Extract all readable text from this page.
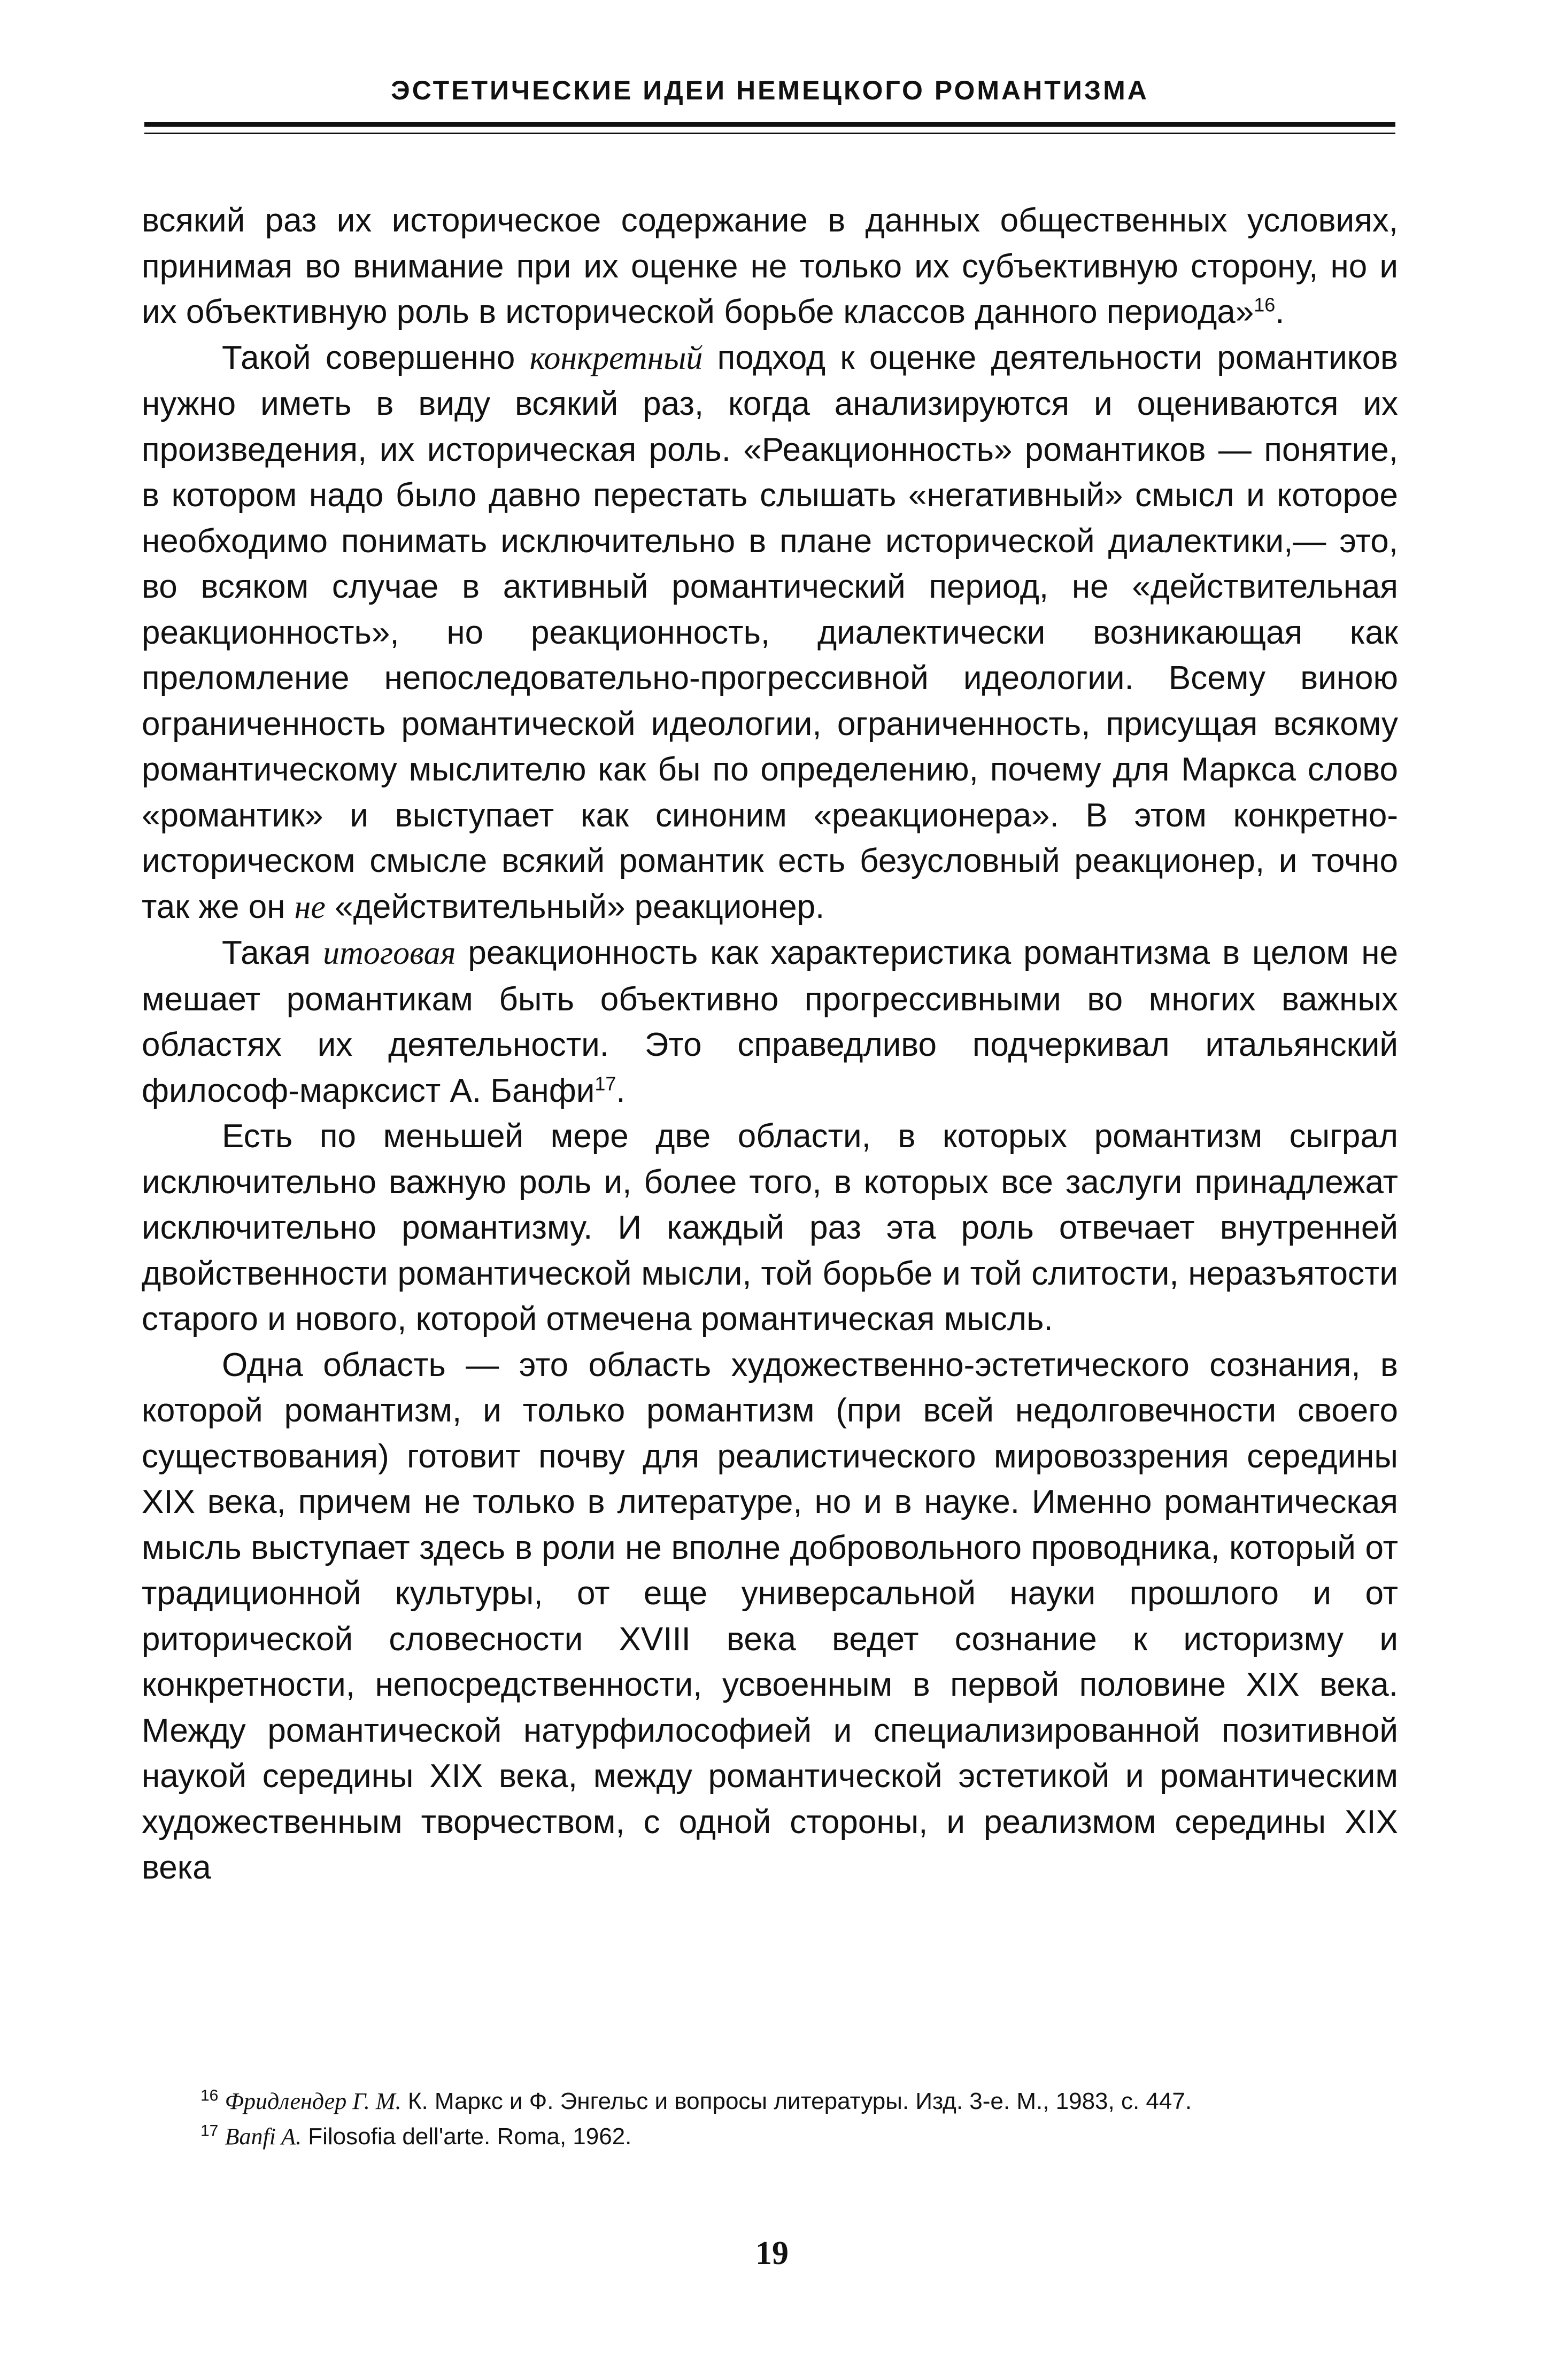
ЭСТЕТИЧЕСКИЕ ИДЕИ НЕМЕЦКОГО РОМАНТИЗМА

всякий раз их историческое содержание в данных общественных условиях, принимая во внимание при их оценке не только их субъективную сторону, но и их объективную роль в исторической борьбе классов данного периода»$^{16}$.

Такой совершенно конкретный подход к оценке деятельности романтиков нужно иметь в виду всякий раз, когда анализируются и оцениваются их произведения, их историческая роль. «Реакционность» романтиков — понятие, в котором надо было давно перестать слышать «негативный» смысл и которое необходимо понимать исключительно в плане исторической диалектики,— это, во всяком случае в активный романтический период, не «действительная реакционность», но реакционность, диалектически возникающая как преломление непоследовательно-прогрессивной идеологии. Всему виною ограниченность романтической идеологии, ограниченность, присущая всякому романтическому мыслителю как бы по определению, почему для Маркса слово «романтик» и выступает как синоним «реакционера». В этом конкретно-историческом смысле всякий романтик есть безусловный реакционер, и точно так же он не «действительный» реакционер.

Такая итоговая реакционность как характеристика романтизма в целом не мешает романтикам быть объективно прогрессивными во многих важных областях их деятельности. Это справедливо подчеркивал итальянский философ-марксист А. Банфи$^{17}$.

Есть по меньшей мере две области, в которых романтизм сыграл исключительно важную роль и, более того, в которых все заслуги принадлежат исключительно романтизму. И каждый раз эта роль отвечает внутренней двойственности романтической мысли, той борьбе и той слитости, неразъятости старого и нового, которой отмечена романтическая мысль.

Одна область — это область художественно-эстетического сознания, в которой романтизм, и только романтизм (при всей недолговечности своего существования) готовит почву для реалистического мировоззрения середины XIX века, причем не только в литературе, но и в науке. Именно романтическая мысль выступает здесь в роли не вполне добровольного проводника, который от традиционной культуры, от еще универсальной науки прошлого и от риторической словесности XVIII века ведет сознание к историзму и конкретности, непосредственности, усвоенным в первой половине XIX века. Между романтической натурфилософией и специализированной позитивной наукой середины XIX века, между романтической эстетикой и романтическим художественным творчеством, с одной стороны, и реализмом середины XIX века

$^{16}$ Фридлендер Г. М. К. Маркс и Ф. Энгельс и вопросы литературы. Изд. 3-е. М., 1983, с. 447.

$^{17}$ Banfi A. Filosofia dell'arte. Roma, 1962.

19
